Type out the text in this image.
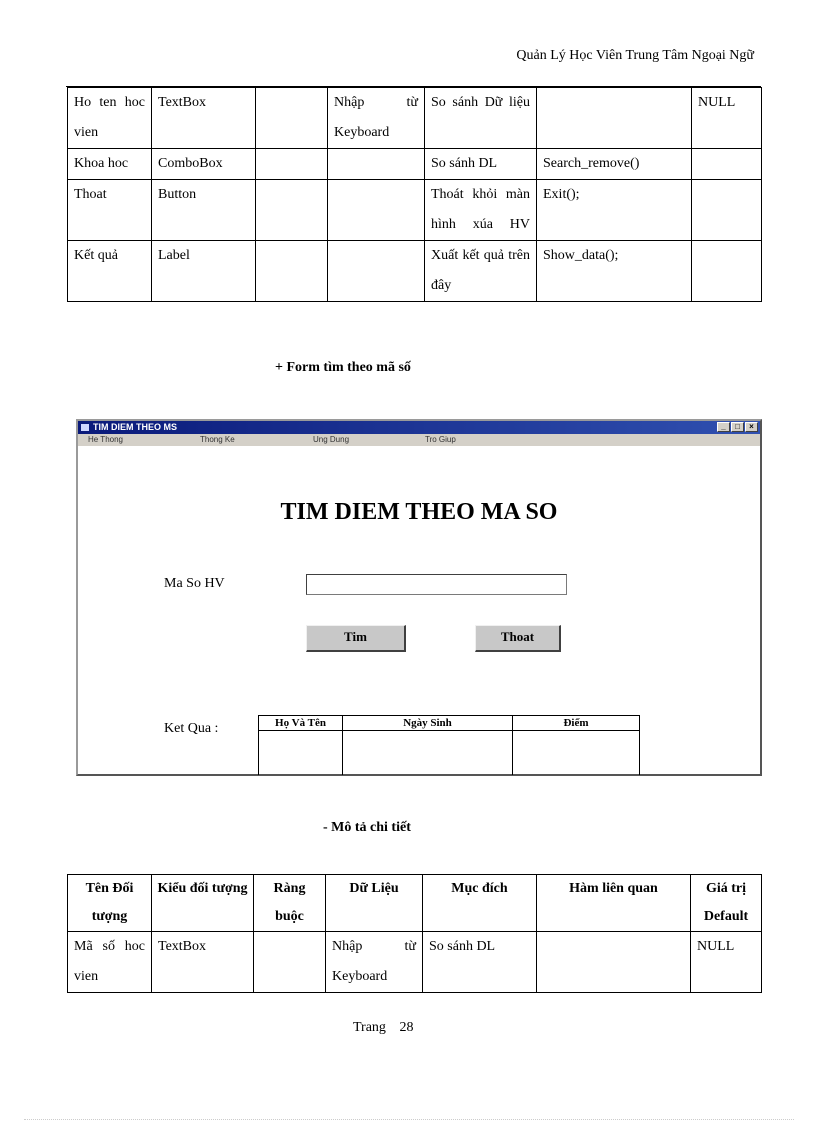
Quản Lý Học Viên Trung Tâm Ngoại Ngữ
Ho ten hoc vien	TextBox		Nhập từ Keyboard	So sánh Dữ liệu		NULL
Khoa hoc	ComboBox			So sánh DL	Search_remove()	
Thoat	Button			Thoát khỏi màn hình xúa HV	Exit();	
Kết quả	Label			Xuất kết quả trên đây	Show_data();	
+ Form tìm theo mã số
TIM DIEM THEO MS	_	□	×
He Thong	Thong Ke	Ung Dung	Tro Giup
TIM DIEM THEO MA SO
Ma So HV
Tim	Thoat
Ket Qua :	Họ Và Tên	Ngày Sinh	Điểm

- Mô tả chi tiết
Tên Đối tượng	Kiểu đối tượng	Ràng buộc	Dữ Liệu	Mục đích	Hàm liên quan	Giá trị Default
Mã số hoc vien	TextBox		Nhập từ Keyboard	So sánh DL		NULL
Trang 28
